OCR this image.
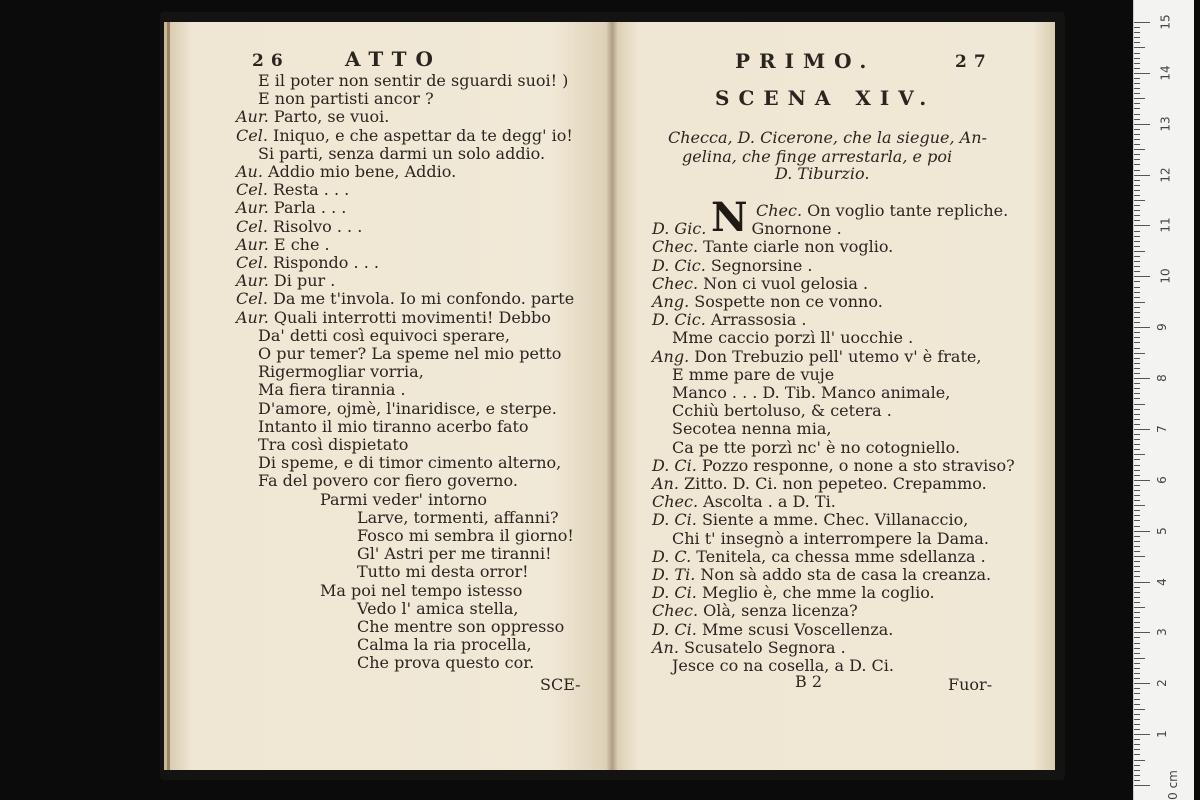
26	ATTO
E il poter non sentir de sguardi suoi! )
E non partisti ancor ?
Aur. Parto, se vuoi.
Cel. Iniquo, e che aspettar da te degg' io!
Si parti, senza darmi un solo addio.
Au. Addio mio bene, Addio.
Cel. Resta . . .
Aur. Parla . . .
Cel. Risolvo . . .
Aur. E che .
Cel. Rispondo . . .
Aur. Di pur .
Cel. Da me t'invola. Io mi confondo. parte
Aur. Quali interrotti movimenti! Debbo
Da' detti così equivoci sperare,
O pur temer? La speme nel mio petto
Rigermogliar vorria,
Ma fiera tirannia .
D'amore, ojmè, l'inaridisce, e sterpe.
Intanto il mio tiranno acerbo fato
Tra così dispietato
Di speme, e di timor cimento alterno,
Fa del povero cor fiero governo.
Parmi veder' intorno
Larve, tormenti, affanni?
Fosco mi sembra il giorno!
Gl' Astri per me tiranni!
Tutto mi desta orror!
Ma poi nel tempo istesso
Vedo l' amica stella,
Che mentre son oppresso
Calma la ria procella,
Che prova questo cor.
SCE-
PRIMO.	27
SCENA XIV.
Checca, D. Cicerone, che la siegue, An-
gelina, che finge arrestarla, e poi
D. Tiburzio.
N Chec. On voglio tante repliche.
D. Gic.	Gnornone .
Chec. Tante ciarle non voglio.
D. Cic. Segnorsine .
Chec. Non ci vuol gelosia .
Ang. Sospette non ce vonno.
D. Cic. Arrassosia .
Mme caccio porzì ll' uocchie .
Ang. Don Trebuzio pell' utemo v' è frate,
E mme pare de vuje
Manco . . . D. Tib. Manco animale,
Cchiù bertoluso, & cetera .
Secotea nenna mia,
Ca pe tte porzì nc' è no cotogniello.
D. Ci. Pozzo responne, o none a sto straviso?
An. Zitto. D. Ci. non pepeteo. Crepammo.
Chec. Ascolta . a D. Ti.
D. Ci. Siente a mme. Chec. Villanaccio,
Chi t' insegnò a interrompere la Dama.
D. C. Tenitela, ca chessa mme sdellanza .
D. Ti. Non sà addo sta de casa la creanza.
D. Ci. Meglio è, che mme la coglio.
Chec. Olà, senza licenza?
D. Ci. Mme scusi Voscellenza.
An. Scusatelo Segnora .
Jesce co na cosella, a D. Ci.
B 2	Fuor-
15
14
13
12
11
10
9
8
7
6
5
4
3
2
1
0 cm
